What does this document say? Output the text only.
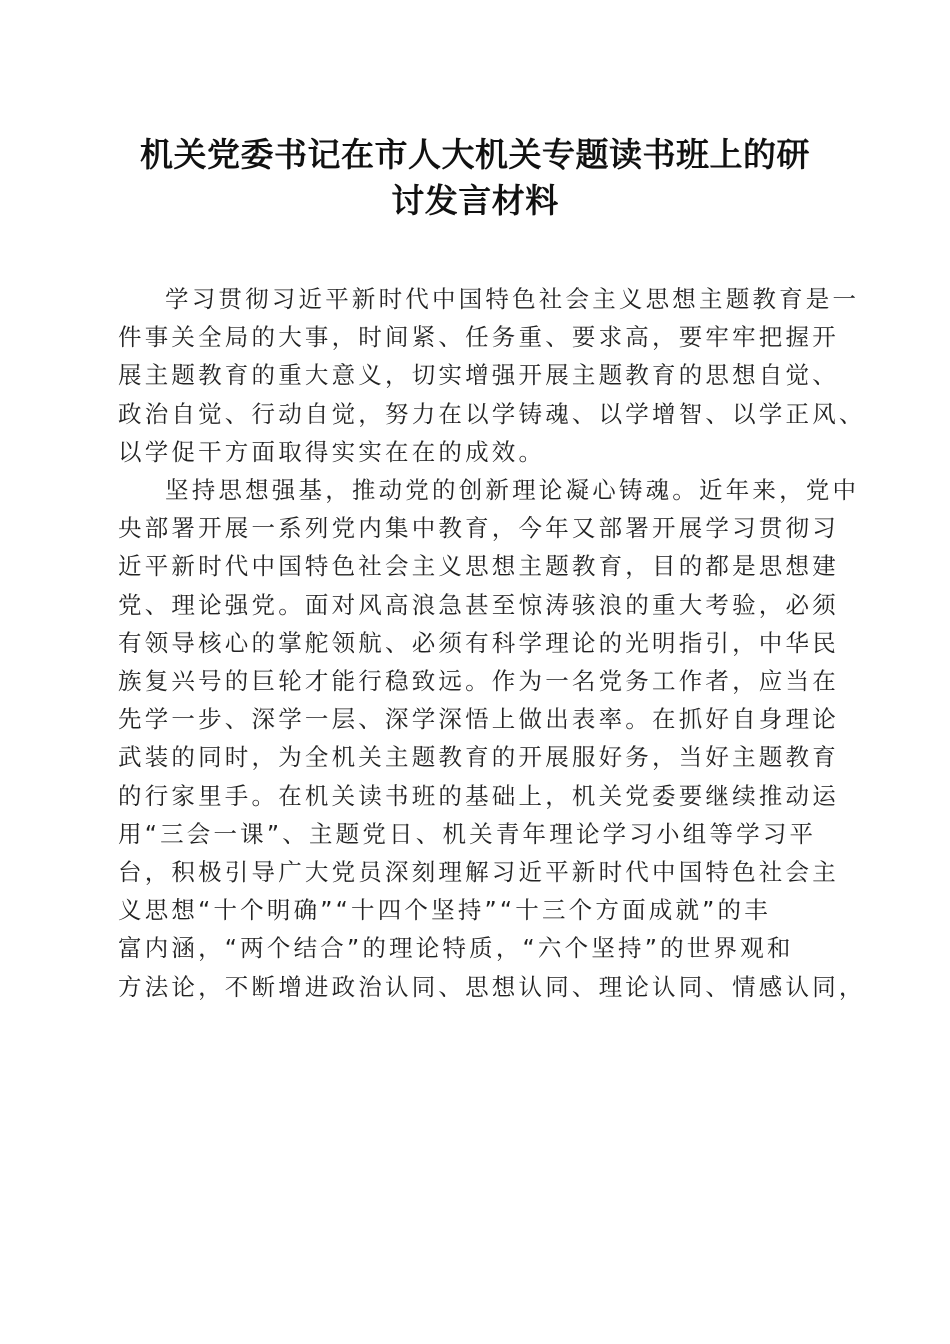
机关党委书记在市人大机关专题读书班上的研
讨发言材料

学习贯彻习近平新时代中国特色社会主义思想主题教育是一
件事关全局的大事，时间紧、任务重、要求高，要牢牢把握开
展主题教育的重大意义，切实增强开展主题教育的思想自觉、
政治自觉、行动自觉，努力在以学铸魂、以学增智、以学正风、
以学促干方面取得实实在在的成效。

坚持思想强基，推动党的创新理论凝心铸魂。近年来，党中
央部署开展一系列党内集中教育，今年又部署开展学习贯彻习
近平新时代中国特色社会主义思想主题教育，目的都是思想建
党、理论强党。面对风高浪急甚至惊涛骇浪的重大考验，必须
有领导核心的掌舵领航、必须有科学理论的光明指引，中华民
族复兴号的巨轮才能行稳致远。作为一名党务工作者，应当在
先学一步、深学一层、深学深悟上做出表率。在抓好自身理论
武装的同时，为全机关主题教育的开展服好务，当好主题教育
的行家里手。在机关读书班的基础上，机关党委要继续推动运
用“三会一课”、主题党日、机关青年理论学习小组等学习平
台，积极引导广大党员深刻理解习近平新时代中国特色社会主
义思想“十个明确”“十四个坚持”“十三个方面成就”的丰
富内涵，“两个结合”的理论特质，“六个坚持”的世界观和
方法论，不断增进政治认同、思想认同、理论认同、情感认同，
